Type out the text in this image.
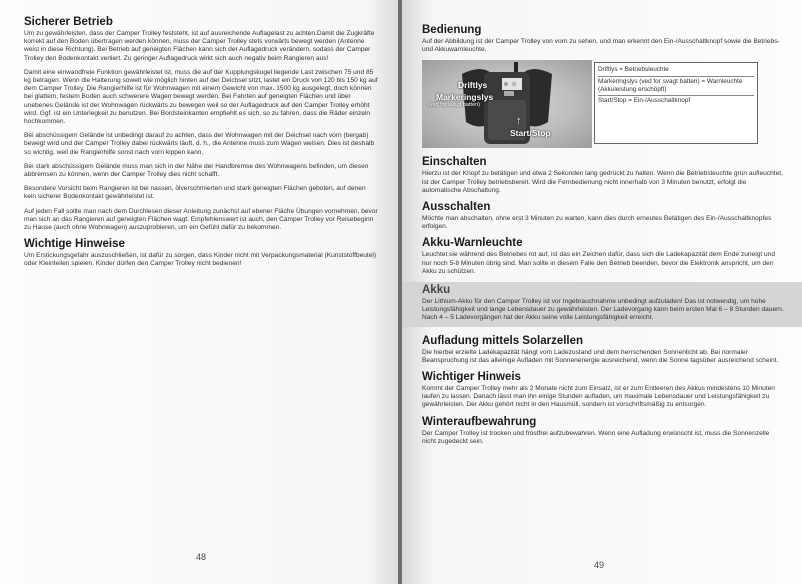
Sicherer Betrieb

Um zu gewährleisten, dass der Camper Trolley feststeht, ist auf ausreichende Auflagelast zu achten.Damit die Zugkräfte korrekt auf den Boden übertragen werden können, muss der Camper Trolley stets vorwärts bewegt werden (Antenne weist in diese Richtung). Bei Betrieb auf geneigten Flächen kann sich der Auflagedruck verändern, sodass der Camper Trolley den Bodenkontakt verliert. Zu geringer Auflagedruck wirkt sich auch negativ beim Rangieren aus!

Damit eine einwandfreie Funktion gewährleistet ist, muss die auf der Kupplungskugel liegende Last zwischen 75 und 85 kg betragen. Wenn die Halterung soweit wie möglich hinten auf der Deichsel sitzt, lastet ein Druck von 120 bis 150 kg auf dem Camper Trolley. Die Rangierhilfe ist für Wohnwagen mit einem Gewicht von max. 1500 kg ausgelegt, doch können bei glattem, festem Boden auch schwerere Wagen bewegt werden. Bei Fahrten auf geneigten Flächen und über unebenes Gelände ist der Wohnwagen rückwärts zu bewegen weil so der Auflagedruck auf den Camper Trolley erhöht wird. Ggf. ist ein Unterlegkeil zu benutzen. Bei Bordsteinkanten empfiehlt es sich, so zu fahren, dass die Räder einzeln hochkommen.

Bei abschüssigem Gelände ist unbedingt darauf zu achten, dass der Wohnwagen mit der Deichsel nach vorn (bergab) bewegt wird und der Camper Trolley dabei rückwärts läuft, d. h., die Antenne muss zum Wagen weisen. Dies ist deshalb so wichtig, weil die Rangierhilfe sonst nach vorn kippen kann.

Bei stark abschüssigem Gelände muss man sich in der Nähe der Handbremse des Wohnwagens befinden, um diesen abbremsen zu können, wenn der Camper Trolley dies nicht schafft.

Besondere Vorsicht beim Rangieren ist bei nassen, ölverschmierten und stark geneigten Flächen geboten, auf denen kein sicherer Bodenkontakt gewährleistet ist.

Auf jeden Fall sollte man nach dem Durchlesen dieser Anleitung zunächst auf ebener Fläche Übungen vornehmen, bevor man sich an das Rangieren auf geneigten Flächen wagt. Empfehlenswert ist auch, den Camper Trolley vor Reisebeginn zu Hause (auch ohne Wohnwagen) auszuprobieren, um ein Gefühl dafür zu bekommen.

Wichtige Hinweise

Um Erstickungsgefahr auszuschließen, ist dafür zu sorgen, dass Kinder nicht mit Verpackungsmaterial (Kunststoffbeutel) oder Kleinteilen spielen. Kinder dürfen den Camper Trolley nicht bedienen!

48
Bedienung

Auf der Abbildung ist der Camper Trolley von vorn zu sehen, und man erkennt den Ein-/Ausschaltknopf sowie die Betriebs- und Akkuwarnleuchte.

Driftlys
Markeringslys
(ved for svagt batteri)
↑
Start/Stop
Driftlys = Betriebsleuchte
Markeringslys (ved for svagt batteri) = Warnleuchte (Akkuleistung erschöpft)
Start/Stop = Ein-/Ausschaltknopf
Einschalten

Hierzu ist der Knopf zu betätigen und etwa 2 Sekunden lang gedrückt zu halten. Wenn die Betriebsleuchte grün aufleuchtet, ist der Camper Trolley betriebsbereit. Wird die Fernbedienung nicht innerhalb von 3 Minuten benutzt, erfolgt die automatische Abschaltung.

Ausschalten

Möchte man abschalten, ohne erst 3 Minuten zu warten, kann dies durch erneutes Betätigen des Ein-/Ausschaltknopfes erfolgen.

Akku-Warnleuchte

Leuchtet sie während des Betriebes rot auf, ist das ein Zeichen dafür, dass sich die Ladekapazität dem Ende zuneigt und nur noch 5-8 Minuten übrig sind. Man sollte in diesem Falle den Betrieb beenden, bevor die Elektronik anspricht, um den Akku zu schützen.

Akku

Der Lithium-Akku für den Camper Trolley ist vor Ingebrauchnahme unbedingt aufzuladen! Das ist notwendig, um hohe Leistungsfähigkeit und lange Lebensdauer zu gewährleisten. Der Ladevorgang kann beim ersten Mal 6 – 8 Stunden dauern. Nach 4 – 5 Ladevorgängen hat der Akku seine volle Leistungsfähigkeit erreicht.

Aufladung mittels Solarzellen

Die hierbei erzielte Ladekapazität hängt vom Ladezustand und dem herrschenden Sonnenlicht ab. Bei normaler Beanspruchung ist das alleinige Aufladen mit Sonnenenergie ausreichend, wenn die Sonne tagsüber ausreichend scheint.

Wichtiger Hinweis

Kommt der Camper Trolley mehr als 2 Monate nicht zum Einsatz, ist er zum Entleeren des Akkus mindestens 10 Minuten laufen zu lassen. Danach lässt man ihn einige Stunden aufladen, um maximale Lebensdauer und Leistungsfähigkeit zu gewährleisten. Der Akku gehört nicht in den Hausmüll, sondern ist vorschriftsmäßig zu entsorgen.

Winteraufbewahrung

Der Camper Trolley ist trocken und frostfrei aufzubewahren. Wenn eine Aufladung erwünscht ist, muss die Sonnenzelle nicht zugedeckt sein.

49
